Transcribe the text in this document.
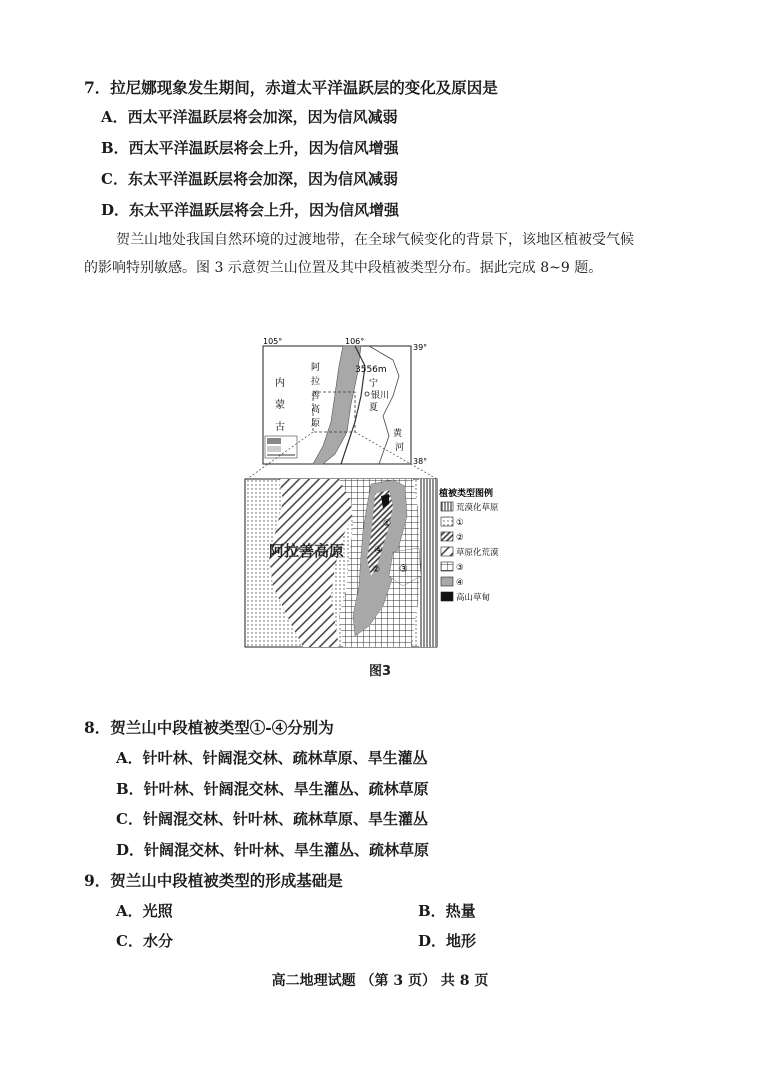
7．拉尼娜现象发生期间，赤道太平洋温跃层的变化及原因是
A．西太平洋温跃层将会加深，因为信风减弱
B．西太平洋温跃层将会上升，因为信风增强
C．东太平洋温跃层将会加深，因为信风减弱
D．东太平洋温跃层将会上升，因为信风增强
贺兰山地处我国自然环境的过渡地带，在全球气候变化的背景下，该地区植被受气候
的影响特别敏感。图 3 示意贺兰山位置及其中段植被类型分布。据此完成 8~9 题。
105°	106°
39°
38°
内
蒙
古
阿
拉
善
高
原
3556m
宁
银川
夏
黄
河
阿拉善高原	④
③
①
②
植被类型图例
荒漠化草原
①
②
草原化荒漠
③
④
高山草甸
图3
8．贺兰山中段植被类型①-④分别为
A．针叶林、针阔混交林、疏林草原、旱生灌丛
B．针叶林、针阔混交林、旱生灌丛、疏林草原
C．针阔混交林、针叶林、疏林草原、旱生灌丛
D．针阔混交林、针叶林、旱生灌丛、疏林草原
9．贺兰山中段植被类型的形成基础是
A．光照	B．热量
C．水分	D．地形
高二地理试题 （第 3 页） 共 8 页
